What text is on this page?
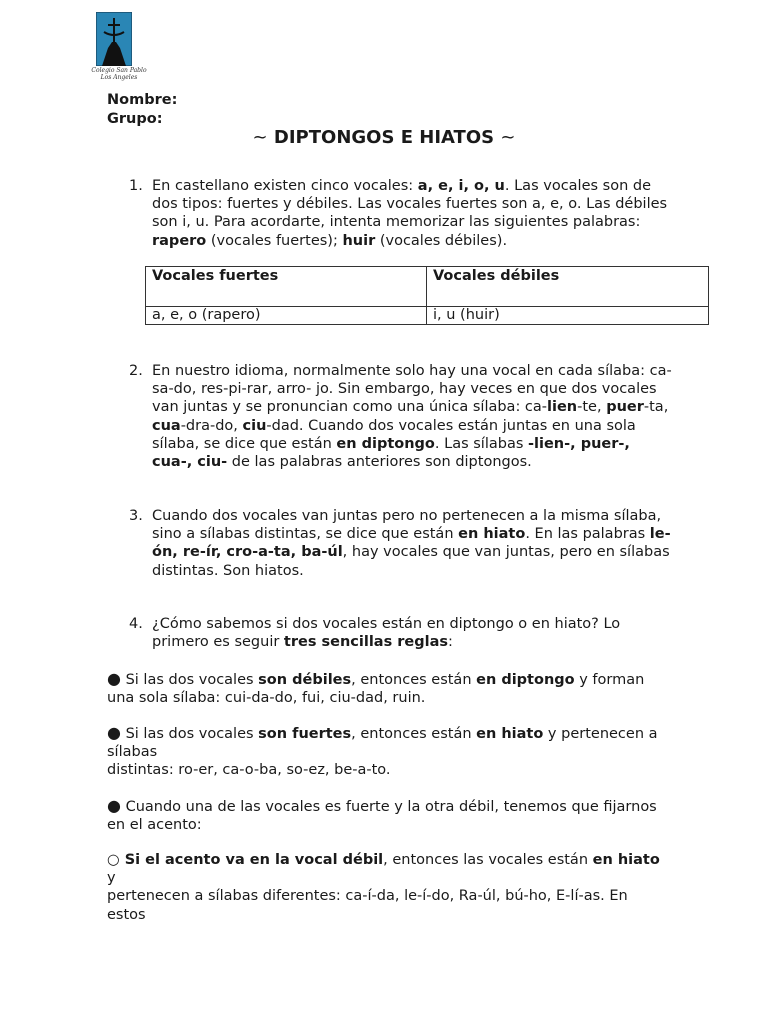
Colegio San Pablo
Los Angeles
Nombre:
Grupo:
~ DIPTONGOS E HIATOS ~

1. En castellano existen cinco vocales: a, e, i, o, u. Las vocales son de dos tipos: fuertes y débiles. Las vocales fuertes son a, e, o. Las débiles son i, u. Para acordarte, intenta memorizar las siguientes palabras: rapero (vocales fuertes); huir (vocales débiles).

Vocales fuertes	Vocales débiles
a, e, o (rapero)	i, u (huir)

2. En nuestro idioma, normalmente solo hay una vocal en cada sílaba: ca-sa-do, res-pi-rar, arro- jo. Sin embargo, hay veces en que dos vocales van juntas y se pronuncian como una única sílaba: ca-lien-te, puer-ta, cua-dra-do, ciu-dad. Cuando dos vocales están juntas en una sola sílaba, se dice que están en diptongo. Las sílabas -lien-, puer-, cua-, ciu- de las palabras anteriores son diptongos.

3. Cuando dos vocales van juntas pero no pertenecen a la misma sílaba, sino a sílabas distintas, se dice que están en hiato. En las palabras le-ón, re-ír, cro-a-ta, ba-úl, hay vocales que van juntas, pero en sílabas distintas. Son hiatos.

4. ¿Cómo sabemos si dos vocales están en diptongo o en hiato? Lo primero es seguir tres sencillas reglas:

● Si las dos vocales son débiles, entonces están en diptongo y forman una sola sílaba: cui-da-do, fui, ciu-dad, ruin.

● Si las dos vocales son fuertes, entonces están en hiato y pertenecen a sílabas
distintas: ro-er, ca-o-ba, so-ez, be-a-to.

● Cuando una de las vocales es fuerte y la otra débil, tenemos que fijarnos en el acento:

○ Si el acento va en la vocal débil, entonces las vocales están en hiato y
pertenecen a sílabas diferentes: ca-í-da, le-í-do, Ra-úl, bú-ho, E-lí-as. En estos
